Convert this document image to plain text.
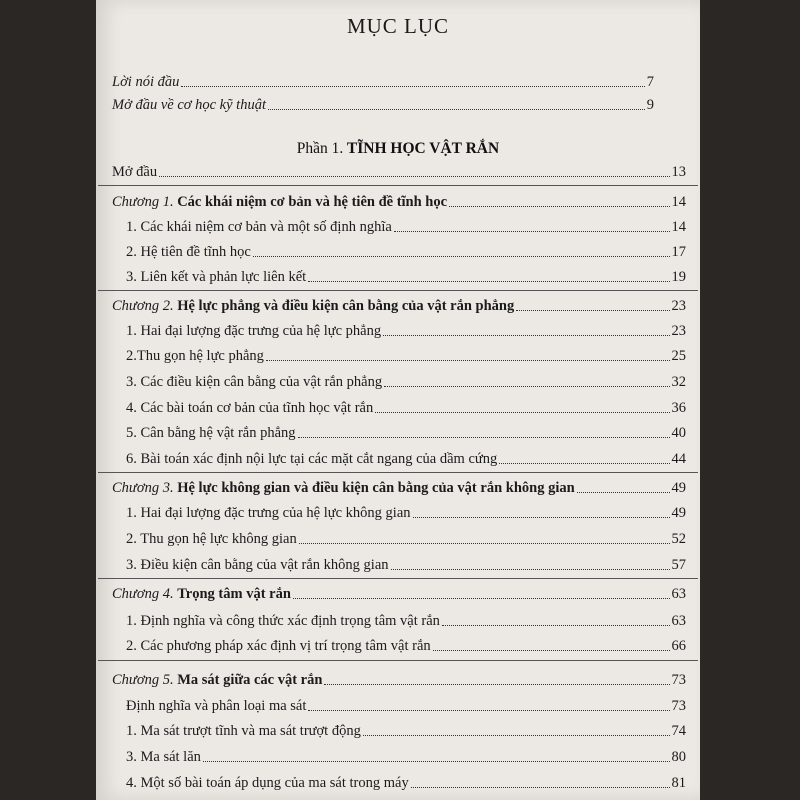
MỤC LỤC
Lời nói đầu	7
Mở đầu về cơ học kỹ thuật	9
Phần 1. TĨNH HỌC VẬT RẮN
Mở đầu	13
Chương 1. Các khái niệm cơ bản và hệ tiên đề tĩnh học	14
1. Các khái niệm cơ bản và một số định nghĩa	14
2. Hệ tiên đề tĩnh học	17
3. Liên kết và phản lực liên kết	19
Chương 2. Hệ lực phẳng và điều kiện cân bằng của vật rắn phẳng	23
1. Hai đại lượng đặc trưng của hệ lực phẳng	23
2.Thu gọn hệ lực phẳng	25
3. Các điều kiện cân bằng của vật rắn phẳng	32
4. Các bài toán cơ bản của tĩnh học vật rắn	36
5. Cân bằng hệ vật rắn phẳng	40
6. Bài toán xác định nội lực tại các mặt cắt ngang của dầm cứng	44
Chương 3. Hệ lực không gian và điều kiện cân bằng của vật rắn không gian	49
1. Hai đại lượng đặc trưng của hệ lực không gian	49
2. Thu gọn hệ lực không gian	52
3. Điều kiện cân bằng của vật rắn không gian	57
Chương 4. Trọng tâm vật rắn	63
1. Định nghĩa và công thức xác định trọng tâm vật rắn	63
2. Các phương pháp xác định vị trí trọng tâm vật rắn	66
Chương 5. Ma sát giữa các vật rắn	73
Định nghĩa và phân loại ma sát	73
1. Ma sát trượt tĩnh và ma sát trượt động	74
3. Ma sát lăn	80
4. Một số bài toán áp dụng của ma sát trong máy	81
